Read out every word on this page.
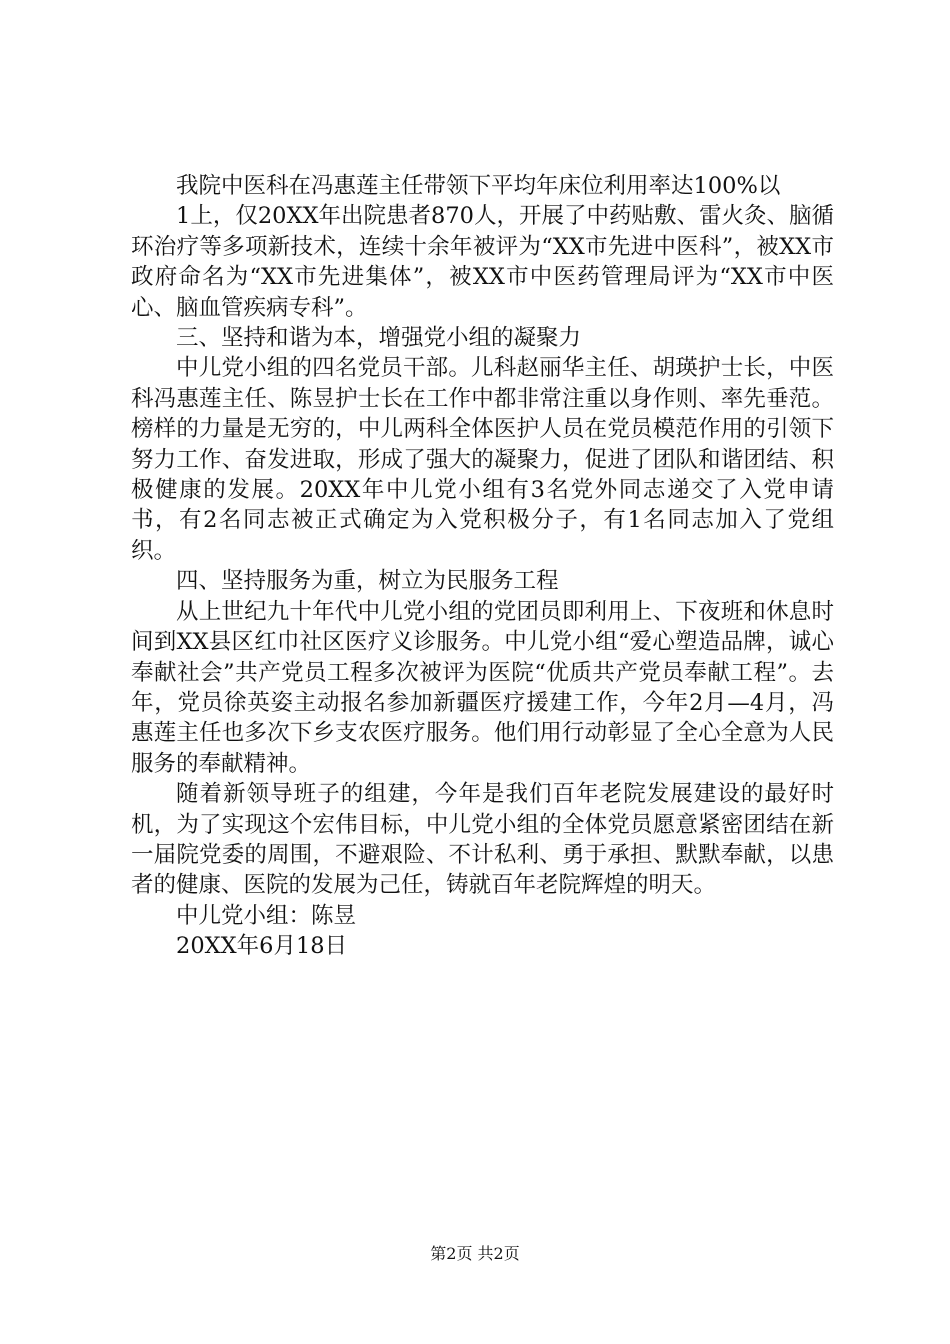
我院中医科在冯惠莲主任带领下平均年床位利用率达100%以

1上，仅20XX年出院患者870人，开展了中药贴敷、雷火灸、脑循环治疗等多项新技术，连续十余年被评为“XX市先进中医科”，被XX市政府命名为“XX市先进集体”，被XX市中医药管理局评为“XX市中医心、脑血管疾病专科”。

三、坚持和谐为本，增强党小组的凝聚力

中儿党小组的四名党员干部。儿科赵丽华主任、胡瑛护士长，中医科冯惠莲主任、陈昱护士长在工作中都非常注重以身作则、率先垂范。榜样的力量是无穷的，中儿两科全体医护人员在党员模范作用的引领下努力工作、奋发进取，形成了强大的凝聚力，促进了团队和谐团结、积极健康的发展。20XX年中儿党小组有3名党外同志递交了入党申请书，有2名同志被正式确定为入党积极分子，有1名同志加入了党组织。

四、坚持服务为重，树立为民服务工程

从上世纪九十年代中儿党小组的党团员即利用上、下夜班和休息时间到XX县区红巾社区医疗义诊服务。中儿党小组“爱心塑造品牌，诚心奉献社会”共产党员工程多次被评为医院“优质共产党员奉献工程”。去年，党员徐英姿主动报名参加新疆医疗援建工作，今年2月—4月，冯惠莲主任也多次下乡支农医疗服务。他们用行动彰显了全心全意为人民服务的奉献精神。

随着新领导班子的组建，今年是我们百年老院发展建设的最好时机，为了实现这个宏伟目标，中儿党小组的全体党员愿意紧密团结在新一届院党委的周围，不避艰险、不计私利、勇于承担、默默奉献，以患者的健康、医院的发展为己任，铸就百年老院辉煌的明天。

中儿党小组：陈昱

20XX年6月18日

第2页 共2页
